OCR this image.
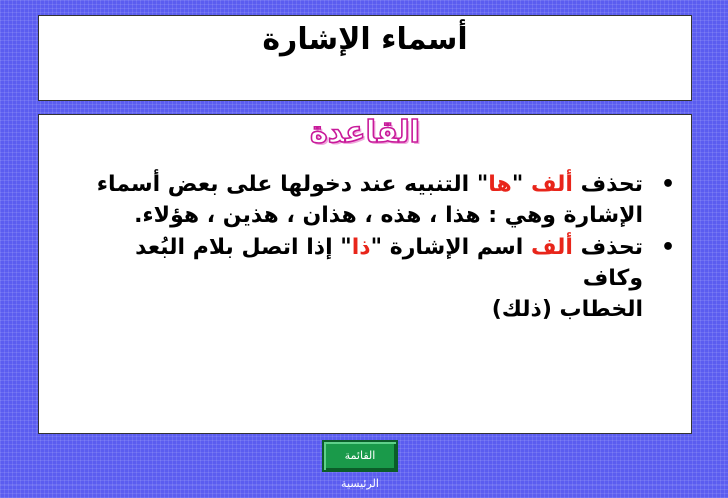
أسماء الإشارة
القاعدة
•
تحذف ألف "ها" التنبيه عند دخولها على بعض أسماء
الإشارة وهي : هذا ، هذه ، هذان ، هذين ، هؤلاء.
•
تحذف ألف اسم الإشارة "ذا" إذا اتصل بلام البُعد وكاف
الخطاب (ذلك)
القائمة الرئيسية
